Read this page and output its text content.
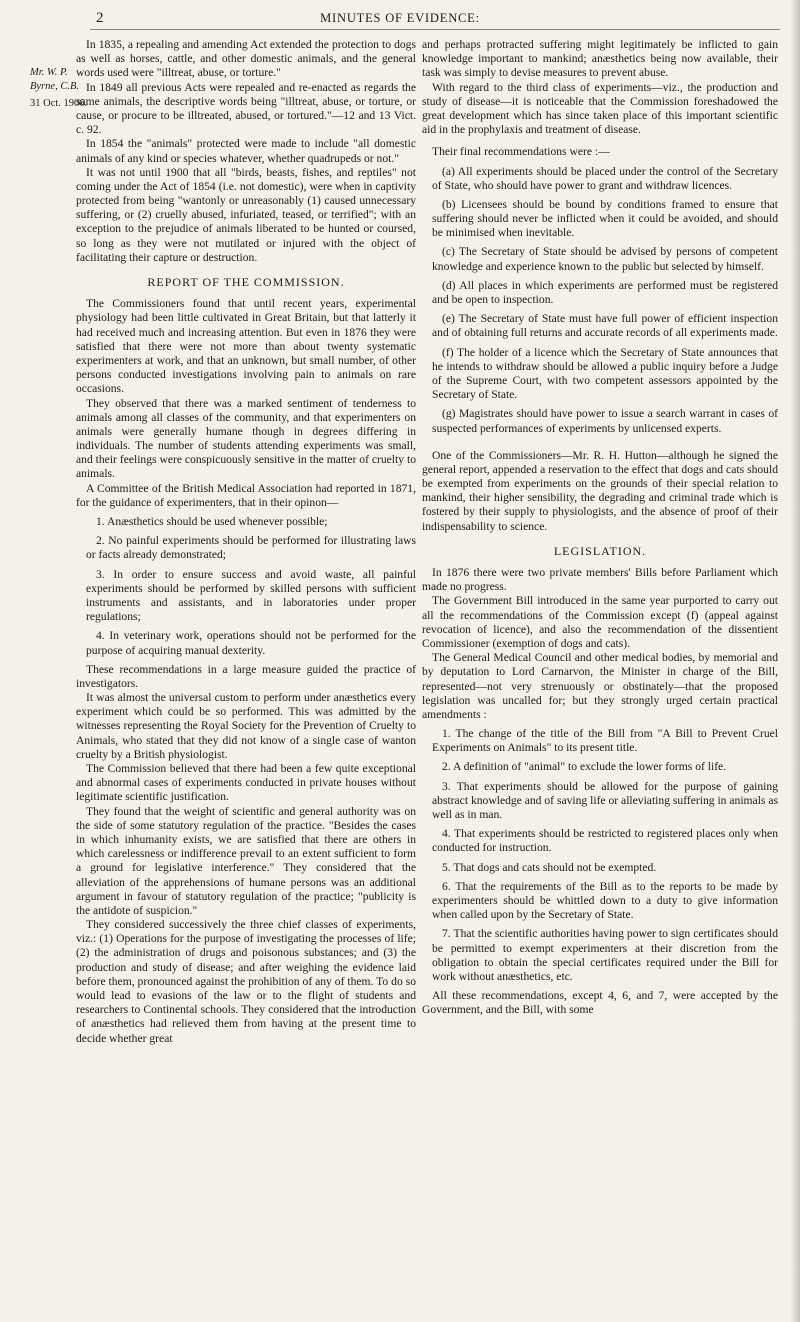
2	MINUTES OF EVIDENCE:
Mr. W. P. Byrne, C.B.
31 Oct. 1906.

In 1835, a repealing and amending Act extended the protection to dogs as well as horses, cattle, and other domestic animals, and the general words used were "illtreat, abuse, or torture."

In 1849 all previous Acts were repealed and re-enacted as regards the same animals, the descriptive words being "illtreat, abuse, or torture, or cause, or procure to be illtreated, abused, or tortured."—12 and 13 Vict. c. 92.

In 1854 the "animals" protected were made to include "all domestic animals of any kind or species whatever, whether quadrupeds or not."

It was not until 1900 that all "birds, beasts, fishes, and reptiles" not coming under the Act of 1854 (i.e. not domestic), were when in captivity protected from being "wantonly or unreasonably (1) caused unnecessary suffering, or (2) cruelly abused, infuriated, teased, or terrified"; with an exception to the prejudice of animals liberated to be hunted or coursed, so long as they were not mutilated or injured with the object of facilitating their capture or destruction.

REPORT OF THE COMMISSION.

The Commissioners found that until recent years, experimental physiology had been little cultivated in Great Britain, but that latterly it had received much and increasing attention. But even in 1876 they were satisfied that there were not more than about twenty systematic experimenters at work, and that an unknown, but small number, of other persons conducted investigations involving pain to animals on rare occasions.

They observed that there was a marked sentiment of tenderness to animals among all classes of the community, and that experimenters on animals were generally humane though in degrees differing in individuals. The number of students attending experiments was small, and their feelings were conspicuously sensitive in the matter of cruelty to animals.

A Committee of the British Medical Association had reported in 1871, for the guidance of experimenters, that in their opinon—

1. Anæsthetics should be used whenever possible;

2. No painful experiments should be performed for illustrating laws or facts already demonstrated;

3. In order to ensure success and avoid waste, all painful experiments should be performed by skilled persons with sufficient instruments and assistants, and in laboratories under proper regulations;

4. In veterinary work, operations should not be performed for the purpose of acquiring manual dexterity.

These recommendations in a large measure guided the practice of investigators.

It was almost the universal custom to perform under anæsthetics every experiment which could be so performed. This was admitted by the witnesses representing the Royal Society for the Prevention of Cruelty to Animals, who stated that they did not know of a single case of wanton cruelty by a British physiologist.

The Commission believed that there had been a few quite exceptional and abnormal cases of experiments conducted in private houses without legitimate scientific justification.

They found that the weight of scientific and general authority was on the side of some statutory regulation of the practice. "Besides the cases in which inhumanity exists, we are satisfied that there are others in which carelessness or indifference prevail to an extent sufficient to form a ground for legislative interference." They considered that the alleviation of the apprehensions of humane persons was an additional argument in favour of statutory regulation of the practice; "publicity is the antidote of suspicion."

They considered successively the three chief classes of experiments, viz.: (1) Operations for the purpose of investigating the processes of life; (2) the administration of drugs and poisonous substances; and (3) the production and study of disease; and after weighing the evidence laid before them, pronounced against the prohibition of any of them. To do so would lead to evasions of the law or to the flight of students and researchers to Continental schools. They considered that the introduction of anæsthetics had relieved them from having at the present time to decide whether great

and perhaps protracted suffering might legitimately be inflicted to gain knowledge important to mankind; anæsthetics being now available, their task was simply to devise measures to prevent abuse.

With regard to the third class of experiments—viz., the production and study of disease—it is noticeable that the Commission foreshadowed the great development which has since taken place of this important scientific aid in the prophylaxis and treatment of disease.

Their final recommendations were :—

(a) All experiments should be placed under the control of the Secretary of State, who should have power to grant and withdraw licences.

(b) Licensees should be bound by conditions framed to ensure that suffering should never be inflicted when it could be avoided, and should be minimised when inevitable.

(c) The Secretary of State should be advised by persons of competent knowledge and experience known to the public but selected by himself.

(d) All places in which experiments are performed must be registered and be open to inspection.

(e) The Secretary of State must have full power of efficient inspection and of obtaining full returns and accurate records of all experiments made.

(f) The holder of a licence which the Secretary of State announces that he intends to withdraw should be allowed a public inquiry before a Judge of the Supreme Court, with two competent assessors appointed by the Secretary of State.

(g) Magistrates should have power to issue a search warrant in cases of suspected performances of experiments by unlicensed experts.

One of the Commissioners—Mr. R. H. Hutton—although he signed the general report, appended a reservation to the effect that dogs and cats should be exempted from experiments on the grounds of their special relation to mankind, their higher sensibility, the degrading and criminal trade which is fostered by their supply to physiologists, and the absence of proof of their indispensability to science.

LEGISLATION.

In 1876 there were two private members' Bills before Parliament which made no progress.

The Government Bill introduced in the same year purported to carry out all the recommendations of the Commission except (f) (appeal against revocation of licence), and also the recommendation of the dissentient Commissioner (exemption of dogs and cats).

The General Medical Council and other medical bodies, by memorial and by deputation to Lord Carnarvon, the Minister in charge of the Bill, represented—not very strenuously or obstinately—that the proposed legislation was uncalled for; but they strongly urged certain practical amendments :

1. The change of the title of the Bill from "A Bill to Prevent Cruel Experiments on Animals" to its present title.

2. A definition of "animal" to exclude the lower forms of life.

3. That experiments should be allowed for the purpose of gaining abstract knowledge and of saving life or alleviating suffering in animals as well as in man.

4. That experiments should be restricted to registered places only when conducted for instruction.

5. That dogs and cats should not be exempted.

6. That the requirements of the Bill as to the reports to be made by experimenters should be whittled down to a duty to give information when called upon by the Secretary of State.

7. That the scientific authorities having power to sign certificates should be permitted to exempt experimenters at their discretion from the obligation to obtain the special certificates required under the Bill for work without anæsthetics, etc.

All these recommendations, except 4, 6, and 7, were accepted by the Government, and the Bill, with some
